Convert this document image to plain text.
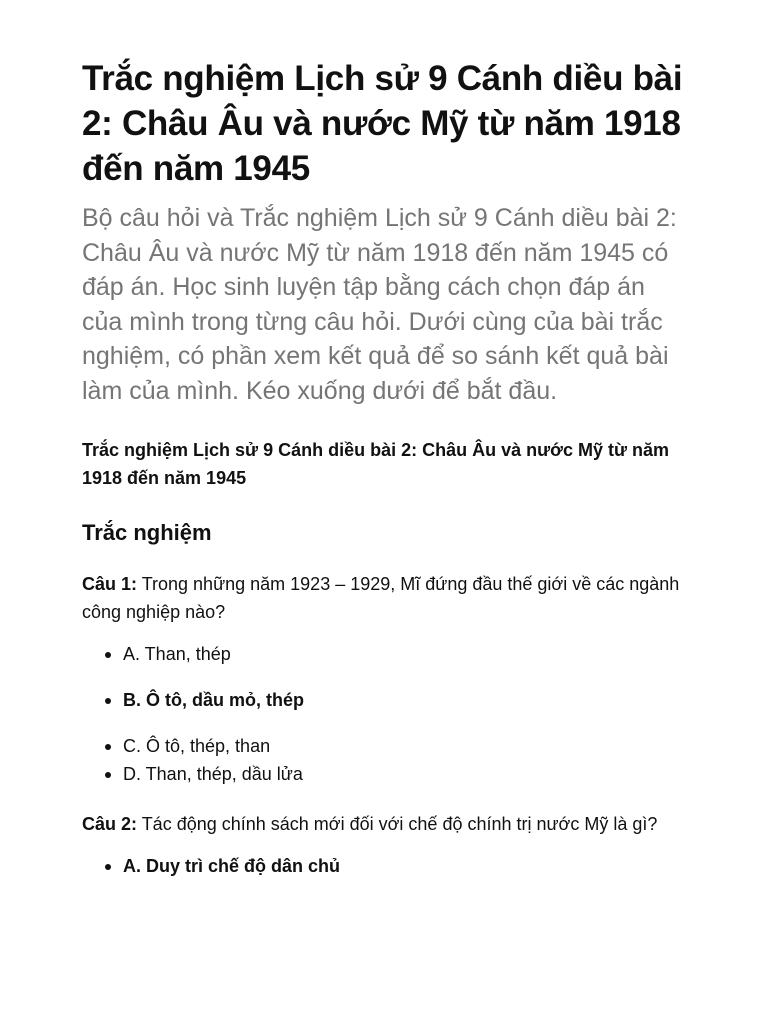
Trắc nghiệm Lịch sử 9 Cánh diều bài 2: Châu Âu và nước Mỹ từ năm 1918 đến năm 1945

Bộ câu hỏi và Trắc nghiệm Lịch sử 9 Cánh diều bài 2: Châu Âu và nước Mỹ từ năm 1918 đến năm 1945 có đáp án. Học sinh luyện tập bằng cách chọn đáp án của mình trong từng câu hỏi. Dưới cùng của bài trắc nghiệm, có phần xem kết quả để so sánh kết quả bài làm của mình. Kéo xuống dưới để bắt đầu.

Trắc nghiệm Lịch sử 9 Cánh diều bài 2: Châu Âu và nước Mỹ từ năm 1918 đến năm 1945
Trắc nghiệm

Câu 1: Trong những năm 1923 – 1929, Mĩ đứng đầu thế giới về các ngành công nghiệp nào?

A. Than, thép
B. Ô tô, dầu mỏ, thép
C. Ô tô, thép, than
D. Than, thép, dầu lửa

Câu 2: Tác động chính sách mới đối với chế độ chính trị nước Mỹ là gì?

A. Duy trì chế độ dân chủ
